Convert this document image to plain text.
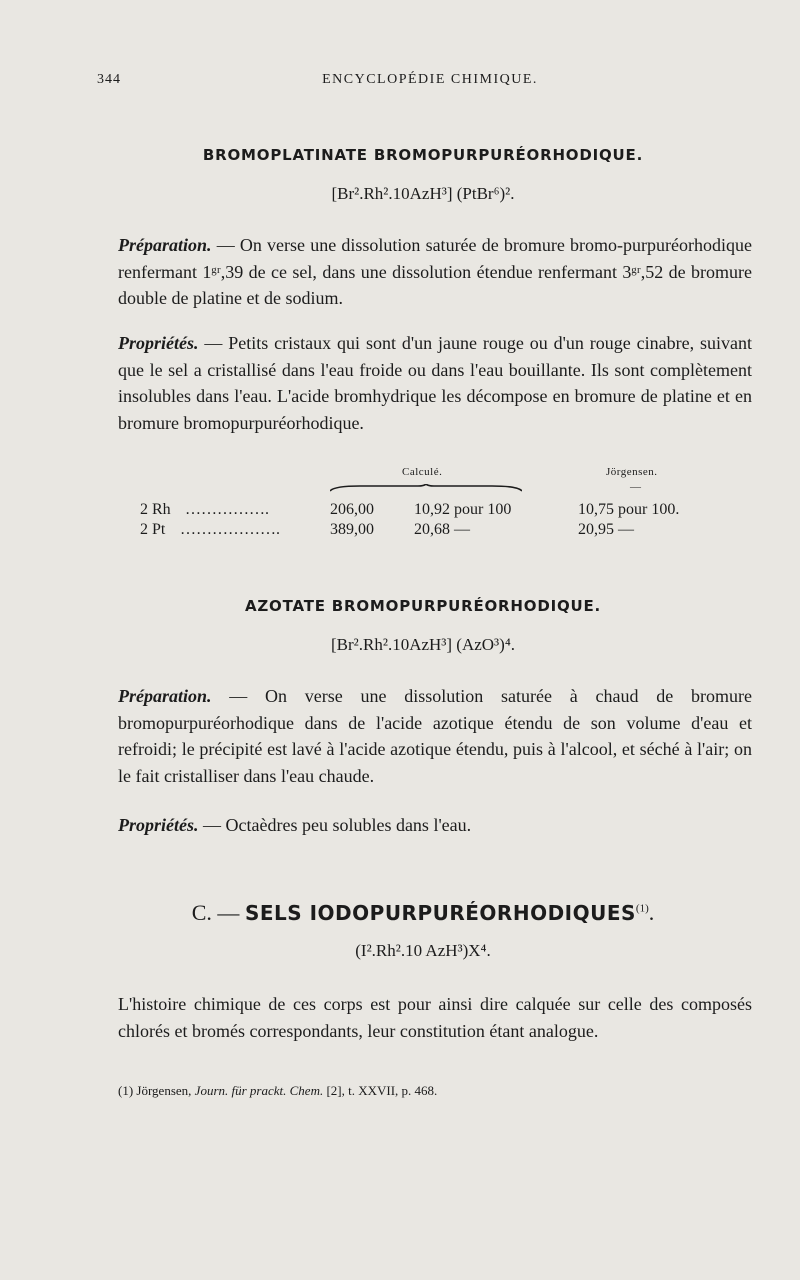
344	ENCYCLOPÉDIE CHIMIQUE.
BROMOPLATINATE BROMOPURPURÉORHODIQUE.
[Br².Rh².10AzH³] (PtBr⁶)².
Préparation. — On verse une dissolution saturée de bromure bromo-purpuréorhodique renfermant 1ᵍʳ,39 de ce sel, dans une dissolution étendue renfermant 3ᵍʳ,52 de bromure double de platine et de sodium.
Propriétés. — Petits cristaux qui sont d'un jaune rouge ou d'un rouge cinabre, suivant que le sel a cristallisé dans l'eau froide ou dans l'eau bouillante. Ils sont complètement insolubles dans l'eau. L'acide bromhydrique les décompose en bromure de platine et en bromure bromopurpuréorhodique.
Calculé.	Jörgensen.
—
2 Rh …………….	206,00	10,92 pour 100	10,75 pour 100.
2 Pt ……………….	389,00	20,68 —	20,95 —
AZOTATE BROMOPURPURÉORHODIQUE.
[Br².Rh².10AzH³] (AzO³)⁴.
Préparation. — On verse une dissolution saturée à chaud de bromure bromopurpuréorhodique dans de l'acide azotique étendu de son volume d'eau et refroidi; le précipité est lavé à l'acide azotique étendu, puis à l'alcool, et séché à l'air; on le fait cristalliser dans l'eau chaude.
Propriétés. — Octaèdres peu solubles dans l'eau.
C. — SELS IODOPURPURÉORHODIQUES$^{(1)}$.
(I².Rh².10 AzH³)X⁴.
L'histoire chimique de ces corps est pour ainsi dire calquée sur celle des composés chlorés et bromés correspondants, leur constitution étant analogue.
(1) Jörgensen, Journ. für prackt. Chem. [2], t. XXVII, p. 468.
